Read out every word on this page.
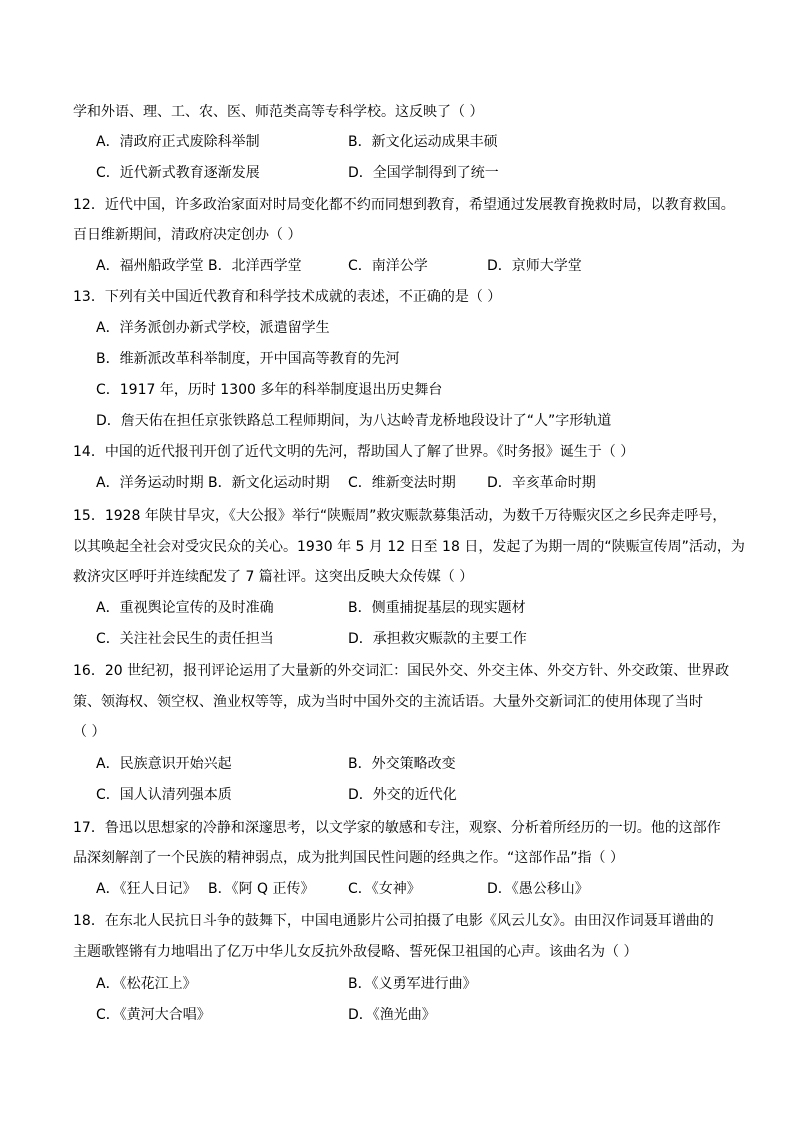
学和外语、理、工、农、医、师范类高等专科学校。这反映了（ ）
A．清政府正式废除科举制	B．新文化运动成果丰硕
C．近代新式教育逐渐发展	D．全国学制得到了统一
12．近代中国，许多政治家面对时局变化都不约而同想到教育，希望通过发展教育挽救时局，以教育救国。
百日维新期间，清政府决定创办（ ）
A．福州船政学堂 B．北洋西学堂	C．南洋公学	D．京师大学堂
13．下列有关中国近代教育和科学技术成就的表述，不正确的是（ ）
A．洋务派创办新式学校，派遣留学生
B．维新派改革科举制度，开中国高等教育的先河
C．1917 年，历时 1300 多年的科举制度退出历史舞台
D．詹天佑在担任京张铁路总工程师期间，为八达岭青龙桥地段设计了“人”字形轨道
14．中国的近代报刊开创了近代文明的先河，帮助国人了解了世界。《时务报》诞生于（ ）
A．洋务运动时期 B．新文化运动时期 C．维新变法时期 D．辛亥革命时期
15．1928 年陕甘旱灾，《大公报》举行“陕赈周”救灾赈款募集活动，为数千万待赈灾区之乡民奔走呼号，
以其唤起全社会对受灾民众的关心。1930 年 5 月 12 日至 18 日，发起了为期一周的“陕赈宣传周”活动，为
救济灾区呼吁并连续配发了 7 篇社评。这突出反映大众传媒（ ）
A．重视舆论宣传的及时准确	B．侧重捕捉基层的现实题材
C．关注社会民生的责任担当	D．承担救灾赈款的主要工作
16．20 世纪初，报刊评论运用了大量新的外交词汇：国民外交、外交主体、外交方针、外交政策、世界政
策、领海权、领空权、渔业权等等，成为当时中国外交的主流话语。大量外交新词汇的使用体现了当时
（ ）
A．民族意识开始兴起	B．外交策略改变
C．国人认清列强本质	D．外交的近代化
17．鲁迅以思想家的冷静和深邃思考，以文学家的敏感和专注，观察、分析着所经历的一切。他的这部作
品深刻解剖了一个民族的精神弱点，成为批判国民性问题的经典之作。“这部作品”指（ ）
A．《狂人日记》 B．《阿 Q 正传》 C．《女神》	D．《愚公移山》
18．在东北人民抗日斗争的鼓舞下，中国电通影片公司拍摄了电影《风云儿女》。由田汉作词聂耳谱曲的
主题歌铿锵有力地唱出了亿万中华儿女反抗外敌侵略、誓死保卫祖国的心声。该曲名为（ ）
A．《松花江上》	B．《义勇军进行曲》
C．《黄河大合唱》	D．《渔光曲》
